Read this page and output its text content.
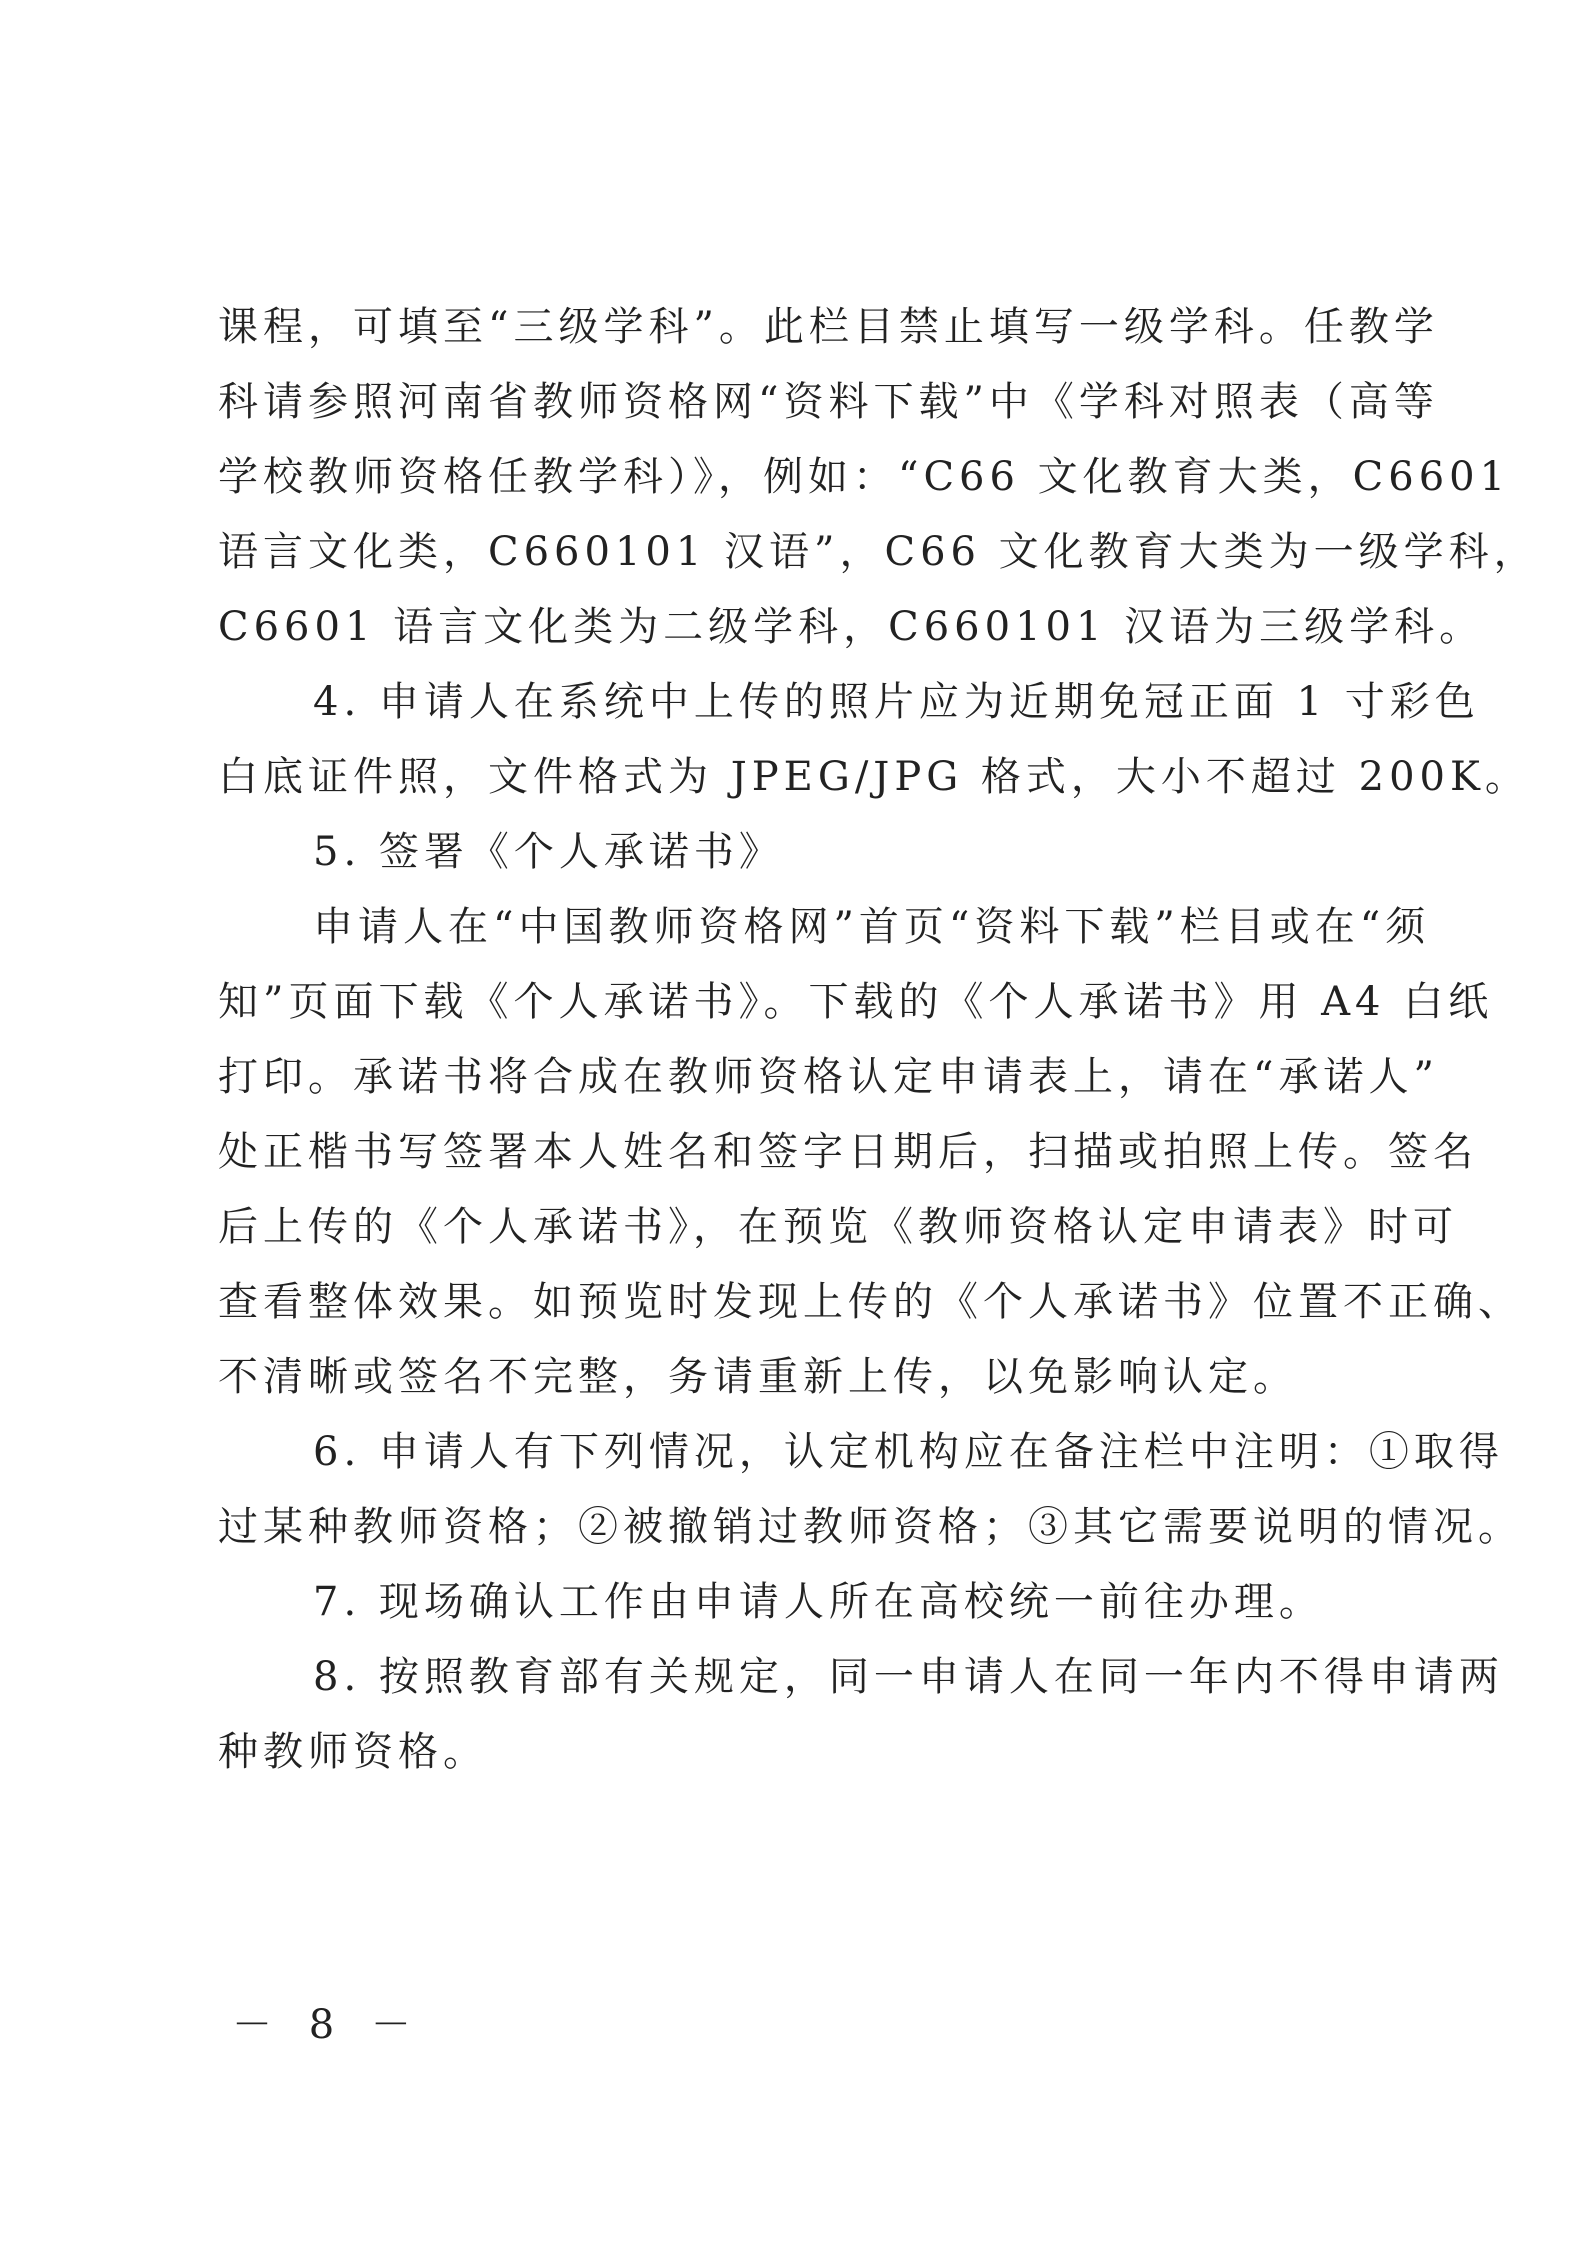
课程，可填至“三级学科”。此栏目禁止填写一级学科。任教学
科请参照河南省教师资格网“资料下载”中《学科对照表（高等
学校教师资格任教学科）》，例如：“C66 文化教育大类，C6601
语言文化类，C660101 汉语”，C66 文化教育大类为一级学科，
C6601 语言文化类为二级学科，C660101 汉语为三级学科。
4. 申请人在系统中上传的照片应为近期免冠正面 1 寸彩色
白底证件照，文件格式为 JPEG/JPG 格式，大小不超过 200K。
5. 签署《个人承诺书》
申请人在“中国教师资格网”首页“资料下载”栏目或在“须
知”页面下载《个人承诺书》。下载的《个人承诺书》用 A4 白纸
打印。承诺书将合成在教师资格认定申请表上，请在“承诺人”
处正楷书写签署本人姓名和签字日期后，扫描或拍照上传。签名
后上传的《个人承诺书》，在预览《教师资格认定申请表》时可
查看整体效果。如预览时发现上传的《个人承诺书》位置不正确、
不清晰或签名不完整，务请重新上传，以免影响认定。
6. 申请人有下列情况，认定机构应在备注栏中注明：①取得
过某种教师资格；②被撤销过教师资格；③其它需要说明的情况。
7. 现场确认工作由申请人所在高校统一前往办理。
8. 按照教育部有关规定，同一申请人在同一年内不得申请两
种教师资格。
－ 8 －
